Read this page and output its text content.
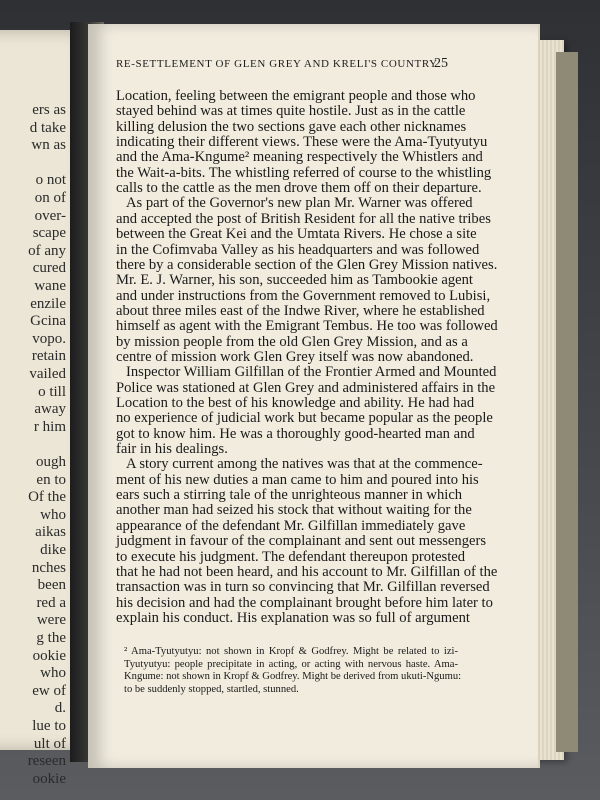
ers as
d take
wn as
o not
on of
over-
scape
of any
cured
wane
enzile
Gcina
vopo.
retain
vailed
o till
away
r him
ough
en to
Of the
who
aikas
dike
nches
been
red a
were
g the
ookie
who
ew of
d.
lue to
ult of
reseen
ookie
RE-SETTLEMENT OF GLEN GREY AND KRELI'S COUNTRY
25
Location, feeling between the emigrant people and those who
stayed behind was at times quite hostile. Just as in the cattle
killing delusion the two sections gave each other nicknames
indicating their different views. These were the Ama-Tyutyutyu
and the Ama-Kngume² meaning respectively the Whistlers and
the Wait-a-bits. The whistling referred of course to the whistling
calls to the cattle as the men drove them off on their departure.
As part of the Governor's new plan Mr. Warner was offered
and accepted the post of British Resident for all the native tribes
between the Great Kei and the Umtata Rivers. He chose a site
in the Cofimvaba Valley as his headquarters and was followed
there by a considerable section of the Glen Grey Mission natives.
Mr. E. J. Warner, his son, succeeded him as Tambookie agent
and under instructions from the Government removed to Lubisi,
about three miles east of the Indwe River, where he established
himself as agent with the Emigrant Tembus. He too was followed
by mission people from the old Glen Grey Mission, and as a
centre of mission work Glen Grey itself was now abandoned.
Inspector William Gilfillan of the Frontier Armed and Mounted
Police was stationed at Glen Grey and administered affairs in the
Location to the best of his knowledge and ability. He had had
no experience of judicial work but became popular as the people
got to know him. He was a thoroughly good-hearted man and
fair in his dealings.
A story current among the natives was that at the commence-
ment of his new duties a man came to him and poured into his
ears such a stirring tale of the unrighteous manner in which
another man had seized his stock that without waiting for the
appearance of the defendant Mr. Gilfillan immediately gave
judgment in favour of the complainant and sent out messengers
to execute his judgment. The defendant thereupon protested
that he had not been heard, and his account to Mr. Gilfillan of the
transaction was in turn so convincing that Mr. Gilfillan reversed
his decision and had the complainant brought before him later to
explain his conduct. His explanation was so full of argument
² Ama-Tyutyutyu: not shown in Kropf & Godfrey. Might be related to izi-
Tyutyutyu: people precipitate in acting, or acting with nervous haste. Ama-
Kngume: not shown in Kropf & Godfrey. Might be derived from ukuti-Ngumu:
to be suddenly stopped, startled, stunned.
